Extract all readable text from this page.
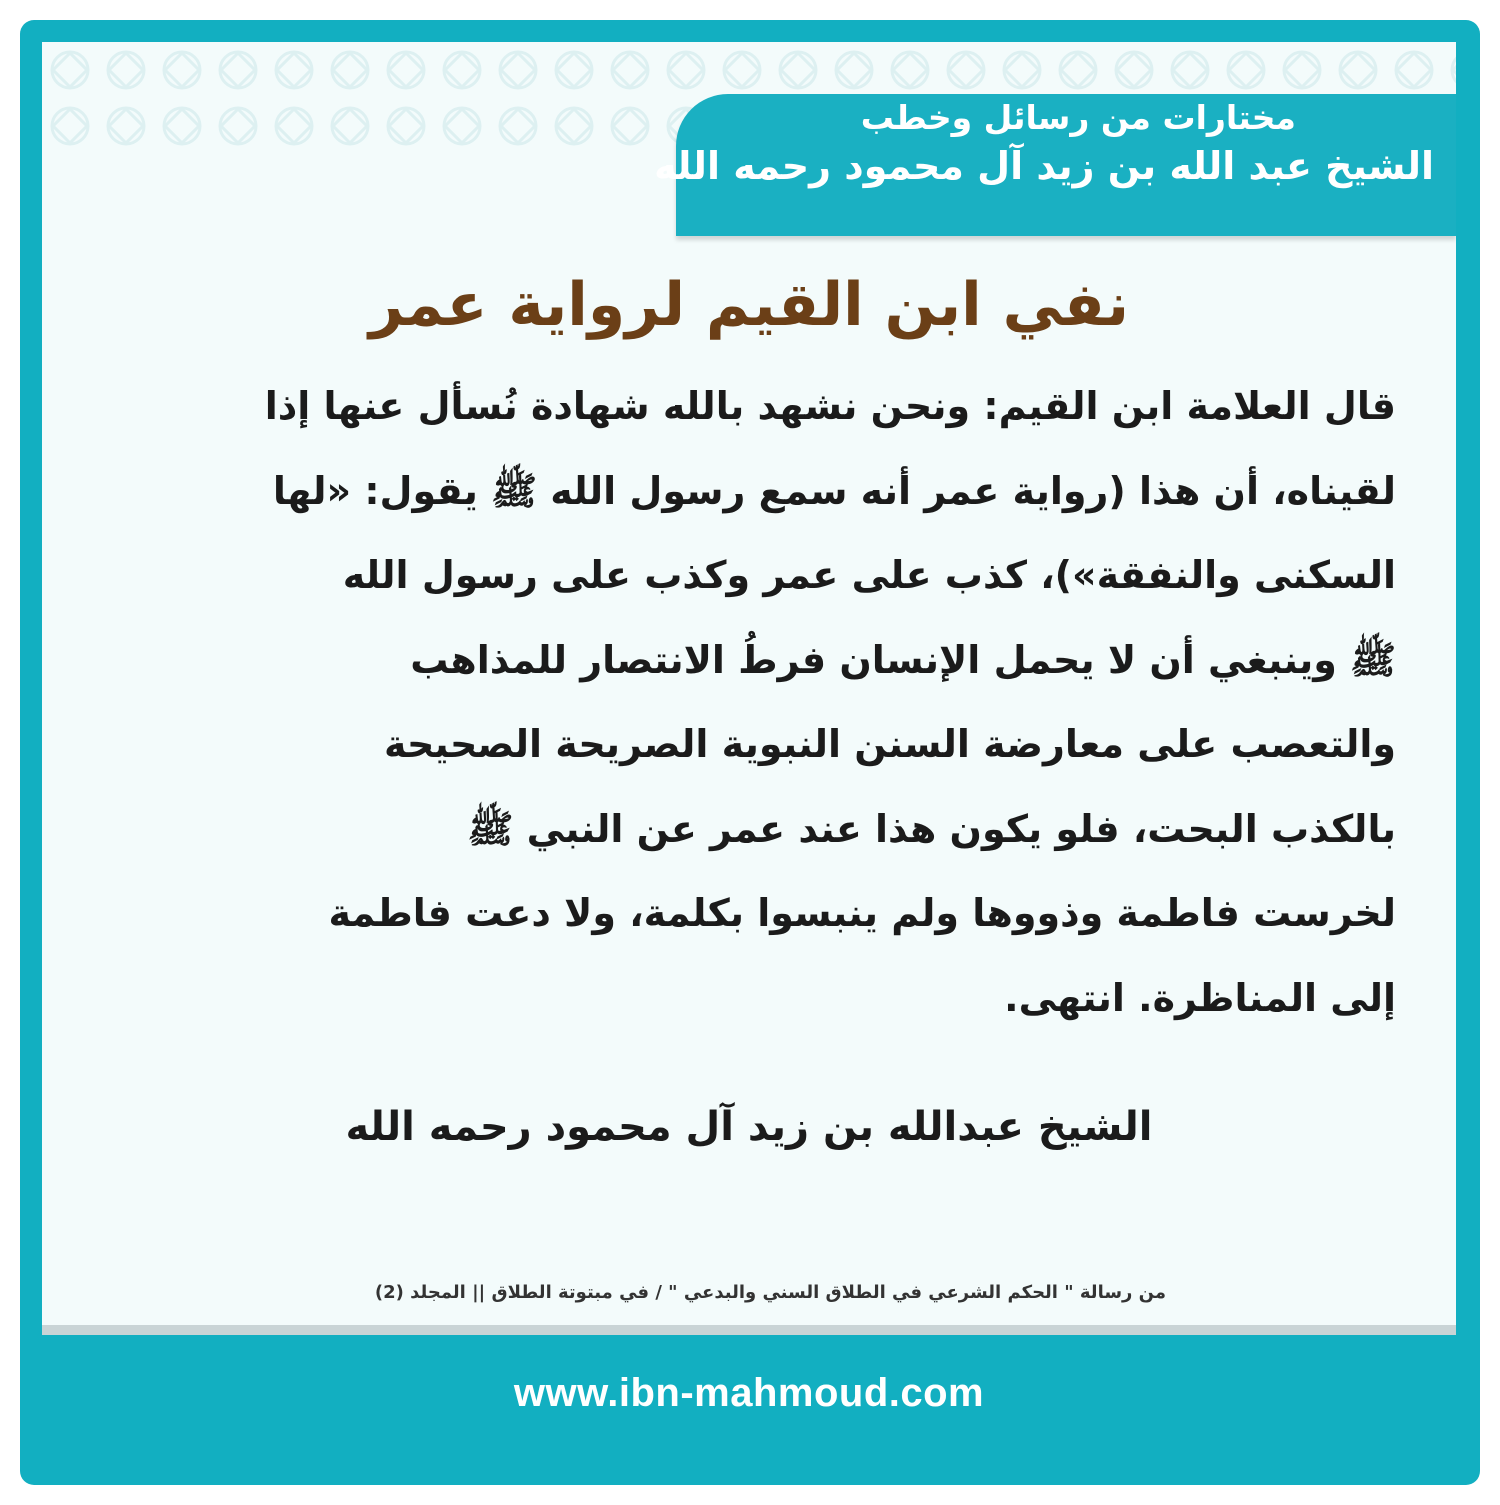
مختارات من رسائل وخطب
الشيخ عبد الله بن زيد آل محمود رحمه الله
نفي ابن القيم لرواية عمر
قال العلامة ابن القيم: ونحن نشهد بالله شهادة نُسأل عنها إذا
لقيناه، أن هذا (رواية عمر أنه سمع رسول الله ﷺ يقول: «لها
السكنى والنفقة»)، كذب على عمر وكذب على رسول الله
ﷺ وينبغي أن لا يحمل الإنسان فرطُ الانتصار للمذاهب
والتعصب على معارضة السنن النبوية الصريحة الصحيحة
بالكذب البحت، فلو يكون هذا عند عمر عن النبي ﷺ
لخرست فاطمة وذووها ولم ينبسوا بكلمة، ولا دعت فاطمة
إلى المناظرة. انتهى.
الشيخ عبدالله بن زيد آل محمود رحمه الله
من رسالة " الحكم الشرعي في الطلاق السني والبدعي " / في مبتوتة الطلاق || المجلد (2)
www.ibn-mahmoud.com
